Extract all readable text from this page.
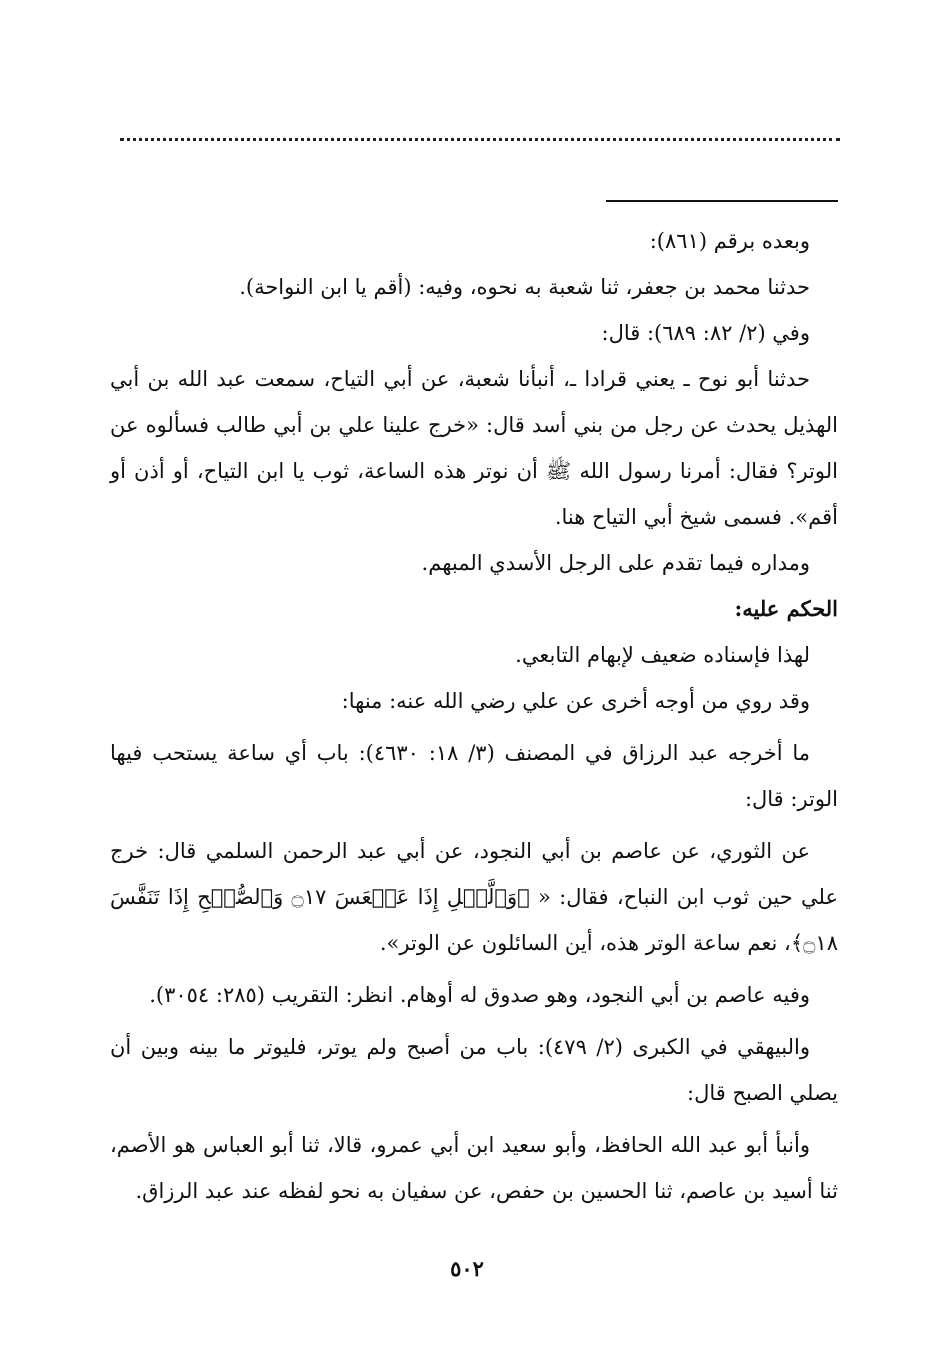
وبعده برقم (٨٦١):

حدثنا محمد بن جعفر، ثنا شعبة به نحوه، وفيه: (أقم يا ابن النواحة).

وفي (٢/ ٨٢: ٦٨٩): قال:

حدثنا أبو نوح ـ يعني قرادا ـ، أنبأنا شعبة، عن أبي التياح، سمعت عبد الله بن أبي الهذيل يحدث عن رجل من بني أسد قال: «خرج علينا علي بن أبي طالب فسألوه عن الوتر؟ فقال: أمرنا رسول الله ﷺ أن نوتر هذه الساعة، ثوب يا ابن التياح، أو أذن أو أقم». فسمى شيخ أبي التياح هنا.

ومداره فيما تقدم على الرجل الأسدي المبهم.

الحكم عليه:

لهذا فإسناده ضعيف لإبهام التابعي.

وقد روي من أوجه أخرى عن علي رضي الله عنه: منها:

ما أخرجه عبد الرزاق في المصنف (٣/ ١٨: ٤٦٣٠): باب أي ساعة يستحب فيها الوتر: قال:

عن الثوري، عن عاصم بن أبي النجود، عن أبي عبد الرحمن السلمي قال: خرج علي حين ثوب ابن النباح، فقال: « ﴿وَٱلَّيۡلِ إِذَا عَسۡعَسَ ۝١٧ وَٱلصُّبۡحِ إِذَا تَنَفَّسَ ۝١٨﴾، نعم ساعة الوتر هذه، أين السائلون عن الوتر».

وفيه عاصم بن أبي النجود، وهو صدوق له أوهام. انظر: التقريب (٢٨٥: ٣٠٥٤).

والبيهقي في الكبرى (٢/ ٤٧٩): باب من أصبح ولم يوتر، فليوتر ما بينه وبين أن يصلي الصبح قال:

وأنبأ أبو عبد الله الحافظ، وأبو سعيد ابن أبي عمرو، قالا، ثنا أبو العباس هو الأصم، ثنا أسيد بن عاصم، ثنا الحسين بن حفص، عن سفيان به نحو لفظه عند عبد الرزاق.

٥٠٢
